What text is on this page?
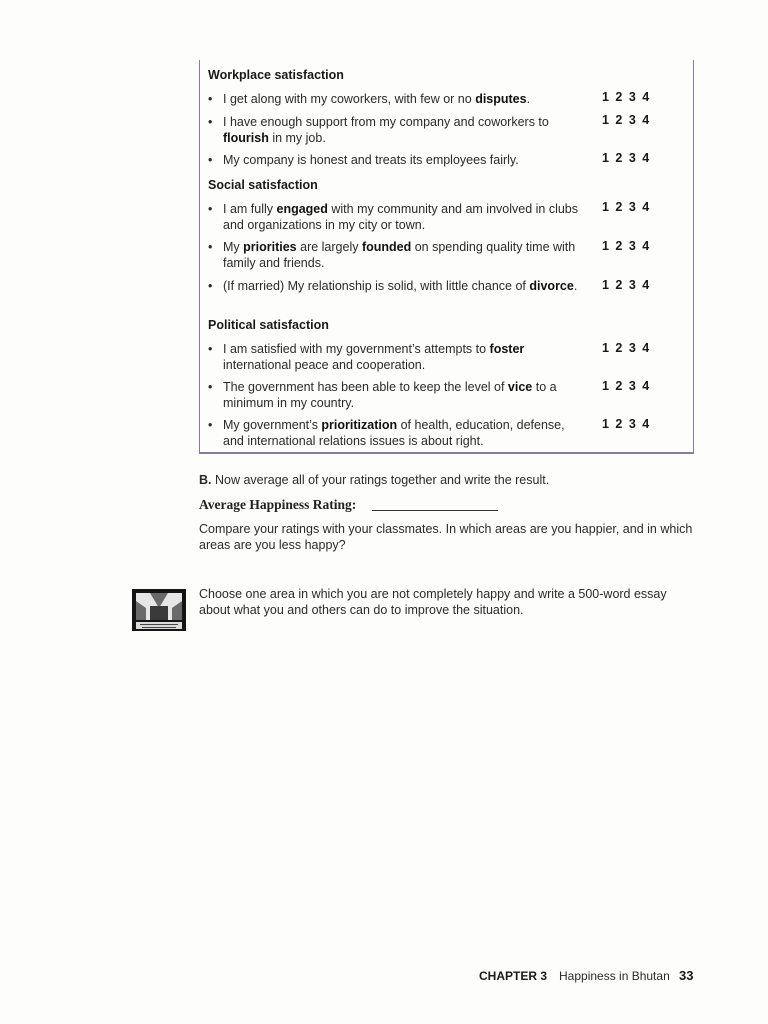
Workplace satisfaction
• I get along with my coworkers, with few or no disputes.	1 2 3 4
• I have enough support from my company and coworkers to flourish in my job.
1 2 3 4
• My company is honest and treats its employees fairly.	1 2 3 4
Social satisfaction
• I am fully engaged with my community and am involved in clubs and organizations in my city or town.
1 2 3 4
• My priorities are largely founded on spending quality time with family and friends.
1 2 3 4
• (If married) My relationship is solid, with little chance of divorce.	1 2 3 4
Political satisfaction
• I am satisfied with my government’s attempts to foster international peace and cooperation.
1 2 3 4
• The government has been able to keep the level of vice to a minimum in my country.
1 2 3 4
• My government’s prioritization of health, education, defense, and international relations issues is about right.
1 2 3 4
B. Now average all of your ratings together and write the result.
Average Happiness Rating:
Compare your ratings with your classmates. In which areas are you happier, and in which areas are you less happy?
Choose one area in which you are not completely happy and write a 500-word essay about what you and others can do to improve the situation.
CHAPTER 3 Happiness in Bhutan 33
